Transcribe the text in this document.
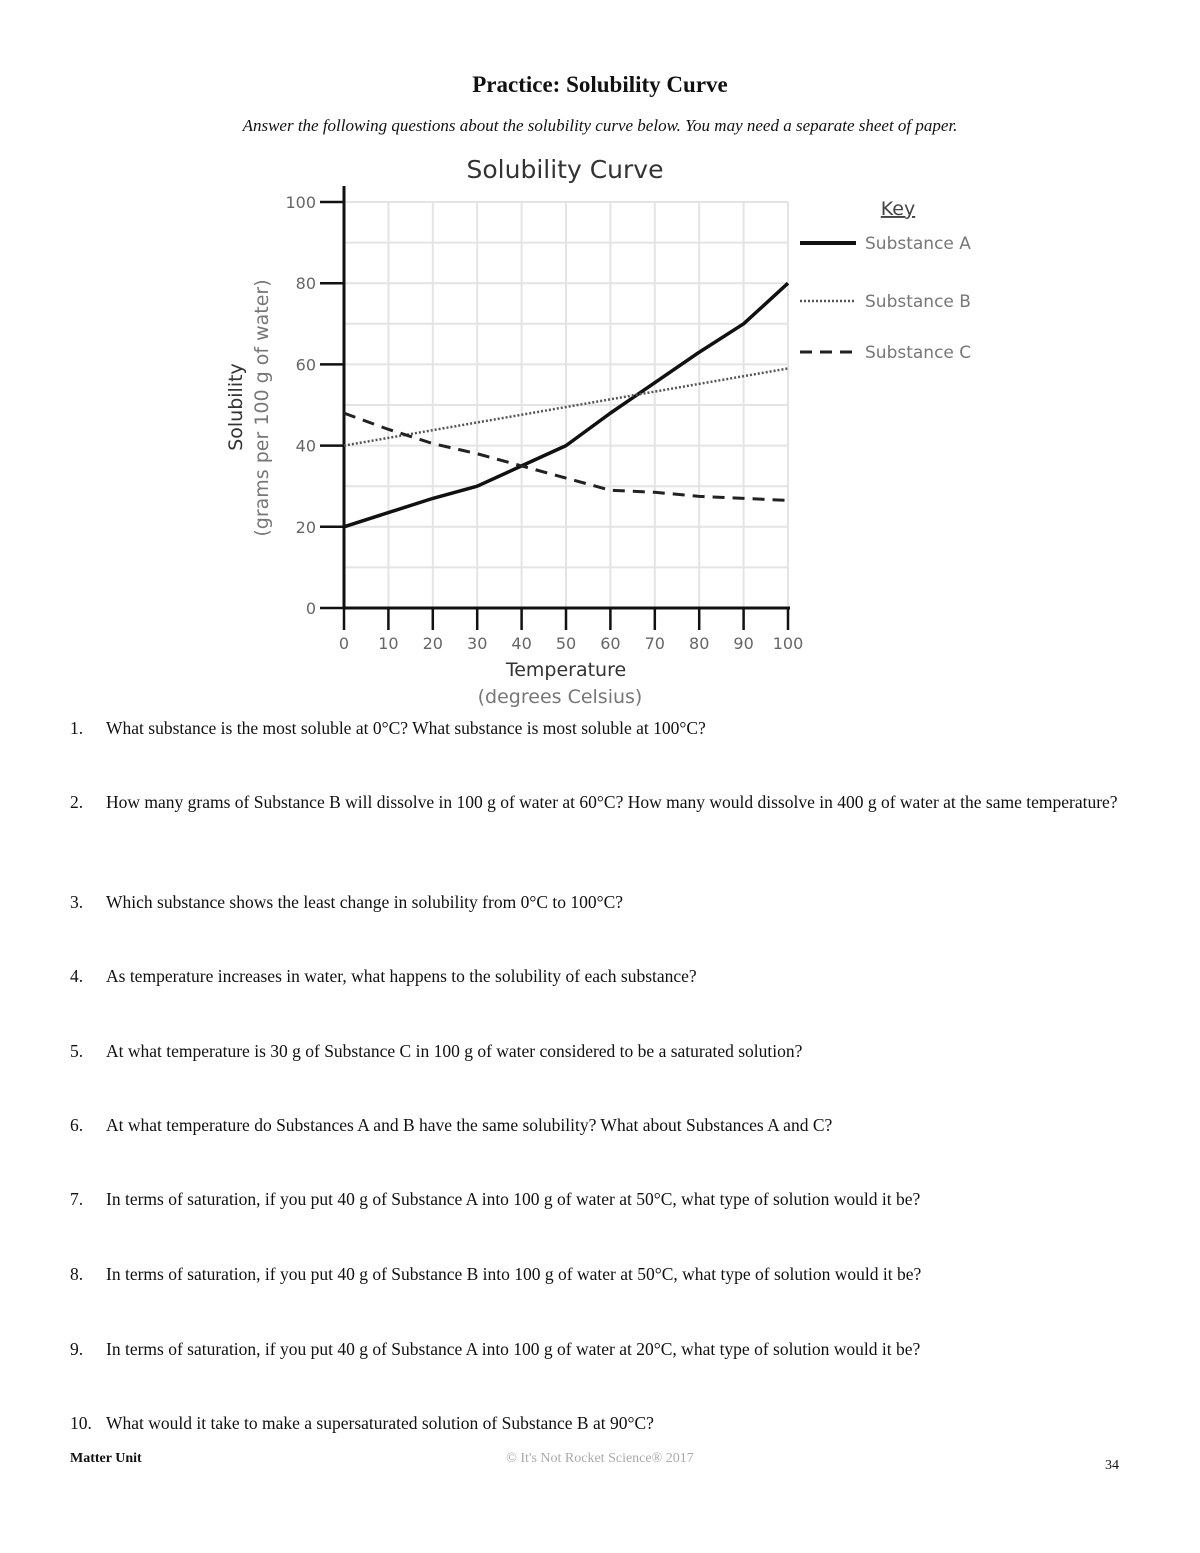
Practice: Solubility Curve
Answer the following questions about the solubility curve below. You may need a separate sheet of paper.
Solubility Curve
0 10 20 30 40 50 60 70 80 90 100
0
20
40
60
80
100
Temperature
(degrees Celsius)
Solubility (grams per 100 g of water)
Key
Substance A
Substance B
Substance C
1.	What substance is the most soluble at 0°C? What substance is most soluble at 100°C?
2.	How many grams of Substance B will dissolve in 100 g of water at 60°C? How many would dissolve in 400 g of water at the same temperature?
3.	Which substance shows the least change in solubility from 0°C to 100°C?
4.	As temperature increases in water, what happens to the solubility of each substance?
5.	At what temperature is 30 g of Substance C in 100 g of water considered to be a saturated solution?
6.	At what temperature do Substances A and B have the same solubility? What about Substances A and C?
7.	In terms of saturation, if you put 40 g of Substance A into 100 g of water at 50°C, what type of solution would it be?
8.	In terms of saturation, if you put 40 g of Substance B into 100 g of water at 50°C, what type of solution would it be?
9.	In terms of saturation, if you put 40 g of Substance A into 100 g of water at 20°C, what type of solution would it be?
10. What would it take to make a supersaturated solution of Substance B at 90°C?
Matter Unit	© It's Not Rocket Science® 2017	34
